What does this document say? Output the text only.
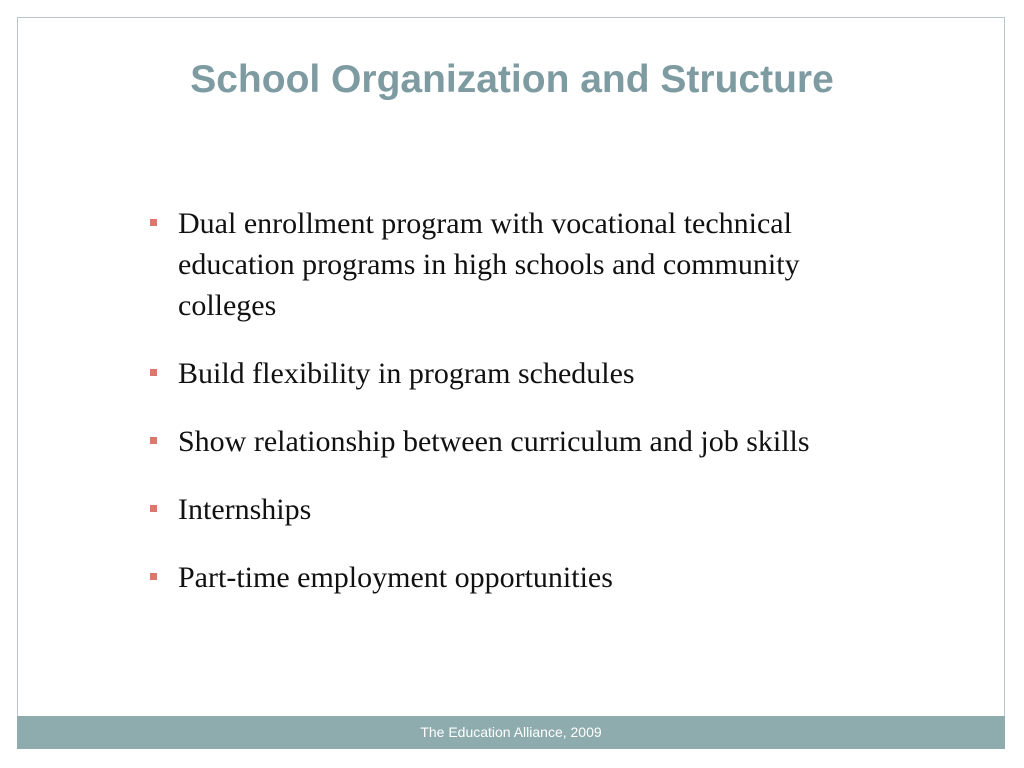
School Organization and Structure
Dual enrollment program with vocational technical education programs in high schools and community colleges
Build flexibility in program schedules
Show relationship between curriculum and job skills
Internships
Part-time employment opportunities
The Education Alliance, 2009
